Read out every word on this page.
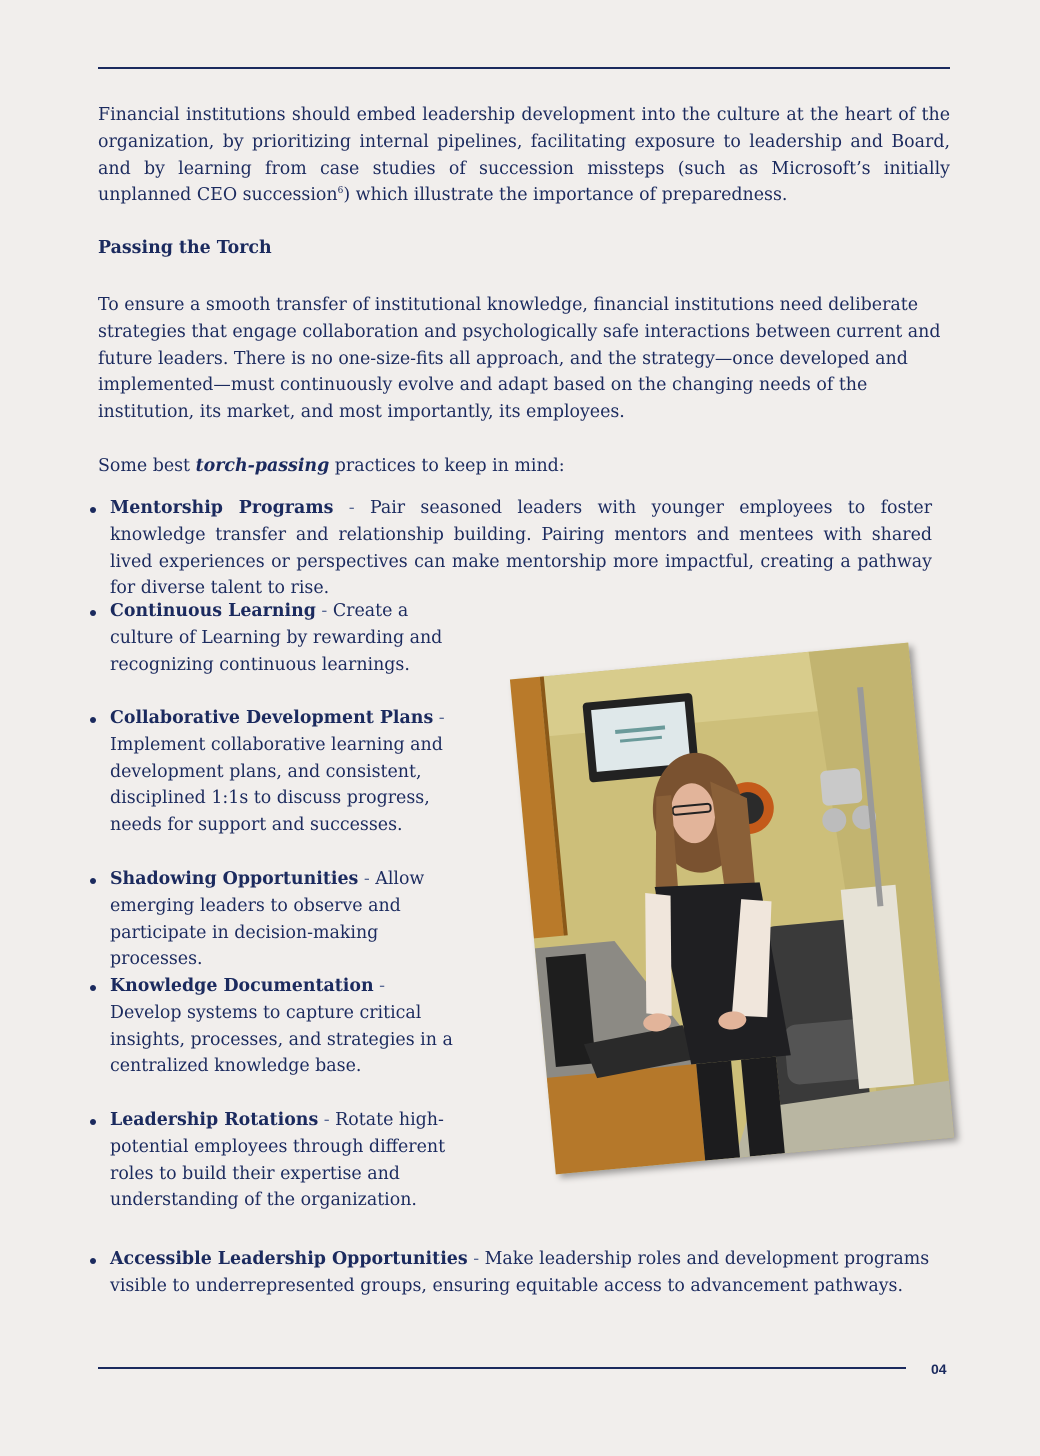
Financial institutions should embed leadership development into the culture at the heart of the organization, by prioritizing internal pipelines, facilitating exposure to leadership and Board, and by learning from case studies of succession missteps (such as Microsoft’s initially unplanned CEO succession$^6$) which illustrate the importance of preparedness.

Passing the Torch

To ensure a smooth transfer of institutional knowledge, financial institutions need deliberate strategies that engage collaboration and psychologically safe interactions between current and future leaders. There is no one-size-fits all approach, and the strategy—once developed and implemented—must continuously evolve and adapt based on the changing needs of the institution, its market, and most importantly, its employees.

Some best torch-passing practices to keep in mind:

Mentorship Programs - Pair seasoned leaders with younger employees to foster knowledge transfer and relationship building. Pairing mentors and mentees with shared lived experiences or perspectives can make mentorship more impactful, creating a pathway for diverse talent to rise.
Continuous Learning - Create a culture of Learning by rewarding and recognizing continuous learnings.
Collaborative Development Plans - Implement collaborative learning and development plans, and consistent, disciplined 1:1s to discuss progress, needs for support and successes.
Shadowing Opportunities - Allow emerging leaders to observe and participate in decision-making processes.
Knowledge Documentation - Develop systems to capture critical insights, processes, and strategies in a centralized knowledge base.
Leadership Rotations - Rotate high-potential employees through different roles to build their expertise and understanding of the organization.
Accessible Leadership Opportunities - Make leadership roles and development programs visible to underrepresented groups, ensuring equitable access to advancement pathways.
04
